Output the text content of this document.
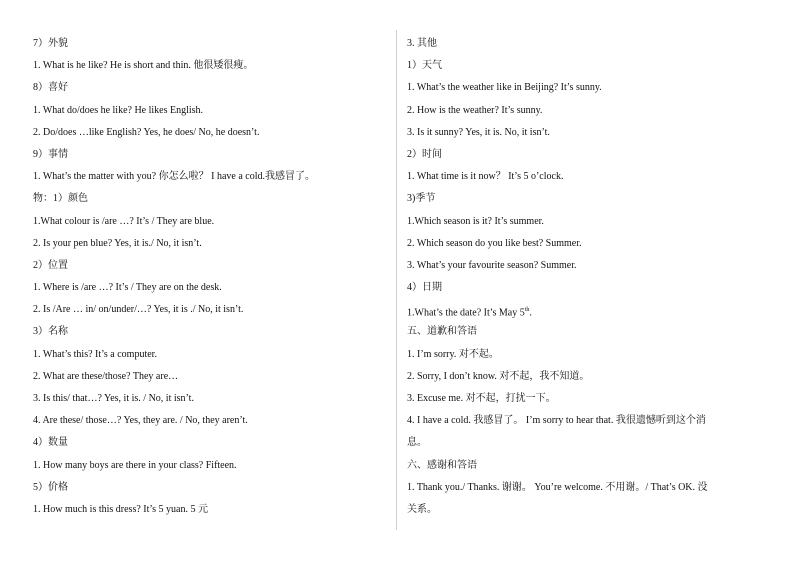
7）外貌
1. What is he like? He is short and thin. 他很矮很瘦。
8）喜好
1. What do/does he like? He likes English.
2. Do/does …like English? Yes, he does/ No, he doesn’t.
9）事情
1. What’s the matter with you? 你怎么啦？ I have a cold.我感冒了。
物：1）颜色
1.What colour is /are …? It’s / They are blue.
2. Is your pen blue? Yes, it is./ No, it isn’t.
2）位置
1. Where is /are …? It’s / They are on the desk.
2. Is /Are … in/ on/under/…? Yes, it is ./ No, it isn’t.
3）名称
1. What’s this? It’s a computer.
2. What are these/those? They are…
3. Is this/ that…? Yes, it is. / No, it isn’t.
4. Are these/ those…? Yes, they are. / No, they aren’t.
4）数量
1. How many boys are there in your class? Fifteen.
5）价格
1. How much is this dress? It’s 5 yuan. 5 元
3. 其他
1）天气
1. What’s the weather like in Beijing? It’s sunny.
2. How is the weather? It’s sunny.
3. Is it sunny? Yes, it is. No, it isn’t.
2）时间
1. What time is it now？ It’s 5 o’clock.
3)季节
1.Which season is it? It’s summer.
2. Which season do you like best? Summer.
3. What’s your favourite season? Summer.
4）日期
1.What’s the date? It’s May 5th.
五、道歉和答语
1. I’m sorry. 对不起。
2. Sorry, I don’t know. 对不起，我不知道。
3. Excuse me. 对不起，打扰一下。
4. I have a cold. 我感冒了。 I’m sorry to hear that. 我很遗憾听到这个消
息。
六、感谢和答语
1. Thank you./ Thanks. 谢谢。 You’re welcome. 不用谢。/ That’s OK. 没
关系。
